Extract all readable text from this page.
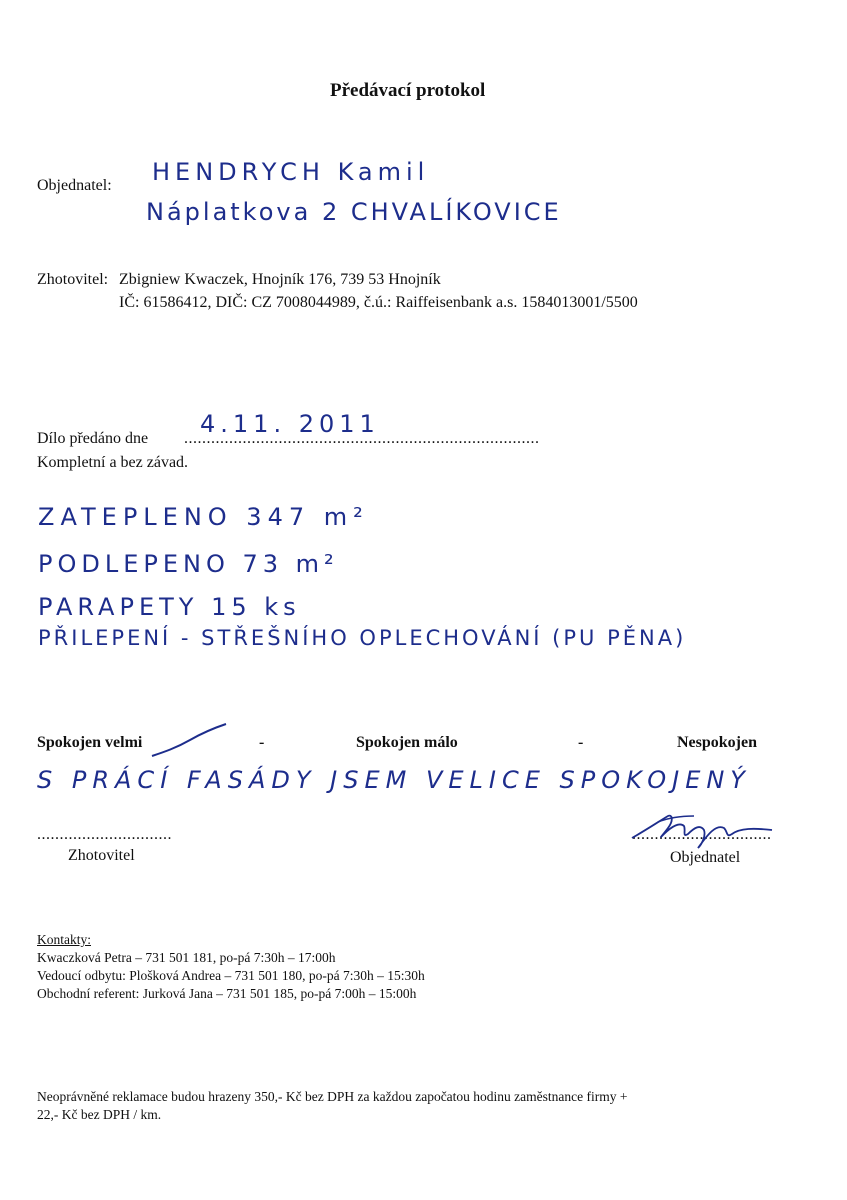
Předávací protokol
Objednatel: HENDRYCH Kamil
Náplatkova 2 CHVALÍKOVICE
Zhotovitel: Zbigniew Kwaczek, Hnojník 176, 739 53 Hnojník
IČ: 61586412, DIČ: CZ 7008044989, č.ú.: Raiffeisenbank a.s. 1584013001/5500
Dílo předáno dne ...............................................................................
4.11. 2011
Kompletní a bez závad.
ZATEPLENO 347 m²
PODLEPENO 73 m²
PARAPETY 15 ks
PŘILEPENÍ - STŘEŠNÍHO OPLECHOVÁNÍ (PU PĚNA)
Spokojen velmi	-	Spokojen málo	-	Nespokojen
S PRÁCÍ FASÁDY JSEM VELICE SPOKOJENÝ
..............................
Zhotovitel
...............................
Objednatel
Kontakty:
Kwaczková Petra – 731 501 181, po-pá 7:30h – 17:00h
Vedoucí odbytu: Plošková Andrea – 731 501 180, po-pá 7:30h – 15:30h
Obchodní referent: Jurková Jana – 731 501 185, po-pá 7:00h – 15:00h
Neoprávněné reklamace budou hrazeny 350,- Kč bez DPH za každou započatou hodinu zaměstnance firmy +
22,- Kč bez DPH / km.
